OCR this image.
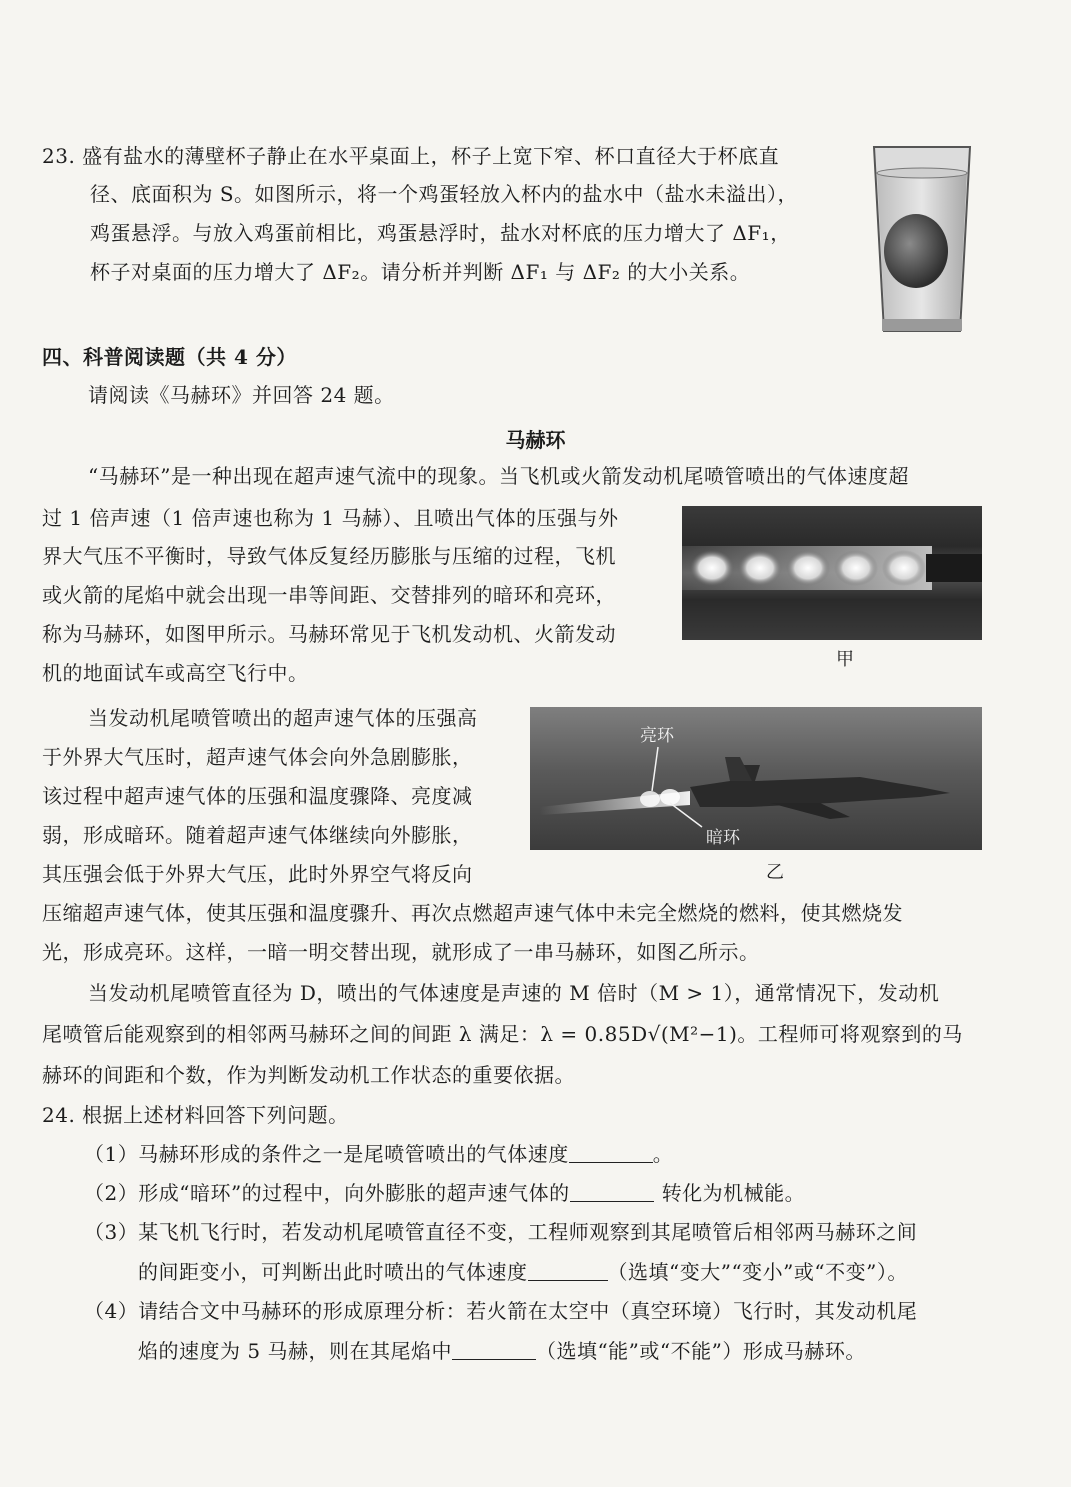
23. 盛有盐水的薄壁杯子静止在水平桌面上，杯子上宽下窄、杯口直径大于杯底直
径、底面积为 S。如图所示，将一个鸡蛋轻放入杯内的盐水中（盐水未溢出），
鸡蛋悬浮。与放入鸡蛋前相比，鸡蛋悬浮时，盐水对杯底的压力增大了 ΔF₁，
杯子对桌面的压力增大了 ΔF₂。请分析并判断 ΔF₁ 与 ΔF₂ 的大小关系。
四、科普阅读题（共 4 分）
请阅读《马赫环》并回答 24 题。
马赫环
“马赫环”是一种出现在超声速气流中的现象。当飞机或火箭发动机尾喷管喷出的气体速度超
过 1 倍声速（1 倍声速也称为 1 马赫）、且喷出气体的压强与外
界大气压不平衡时，导致气体反复经历膨胀与压缩的过程，飞机
或火箭的尾焰中就会出现一串等间距、交替排列的暗环和亮环，
称为马赫环，如图甲所示。马赫环常见于飞机发动机、火箭发动
机的地面试车或高空飞行中。
甲
当发动机尾喷管喷出的超声速气体的压强高
于外界大气压时，超声速气体会向外急剧膨胀，
该过程中超声速气体的压强和温度骤降、亮度减
弱，形成暗环。随着超声速气体继续向外膨胀，
其压强会低于外界大气压，此时外界空气将反向
压缩超声速气体，使其压强和温度骤升、再次点燃超声速气体中未完全燃烧的燃料，使其燃烧发
光，形成亮环。这样，一暗一明交替出现，就形成了一串马赫环，如图乙所示。
亮环
暗环
乙
当发动机尾喷管直径为 D，喷出的气体速度是声速的 M 倍时（M > 1），通常情况下，发动机
尾喷管后能观察到的相邻两马赫环之间的间距 λ 满足：λ = 0.85D√(M²−1)。工程师可将观察到的马
赫环的间距和个数，作为判断发动机工作状态的重要依据。
24. 根据上述材料回答下列问题。
（1）马赫环形成的条件之一是尾喷管喷出的气体速度	。
（2）形成“暗环”的过程中，向外膨胀的超声速气体的	转化为机械能。
（3）某飞机飞行时，若发动机尾喷管直径不变，工程师观察到其尾喷管后相邻两马赫环之间
的间距变小，可判断出此时喷出的气体速度	（选填“变大”“变小”或“不变”）。
（4）请结合文中马赫环的形成原理分析：若火箭在太空中（真空环境）飞行时，其发动机尾
焰的速度为 5 马赫，则在其尾焰中	（选填“能”或“不能”）形成马赫环。
